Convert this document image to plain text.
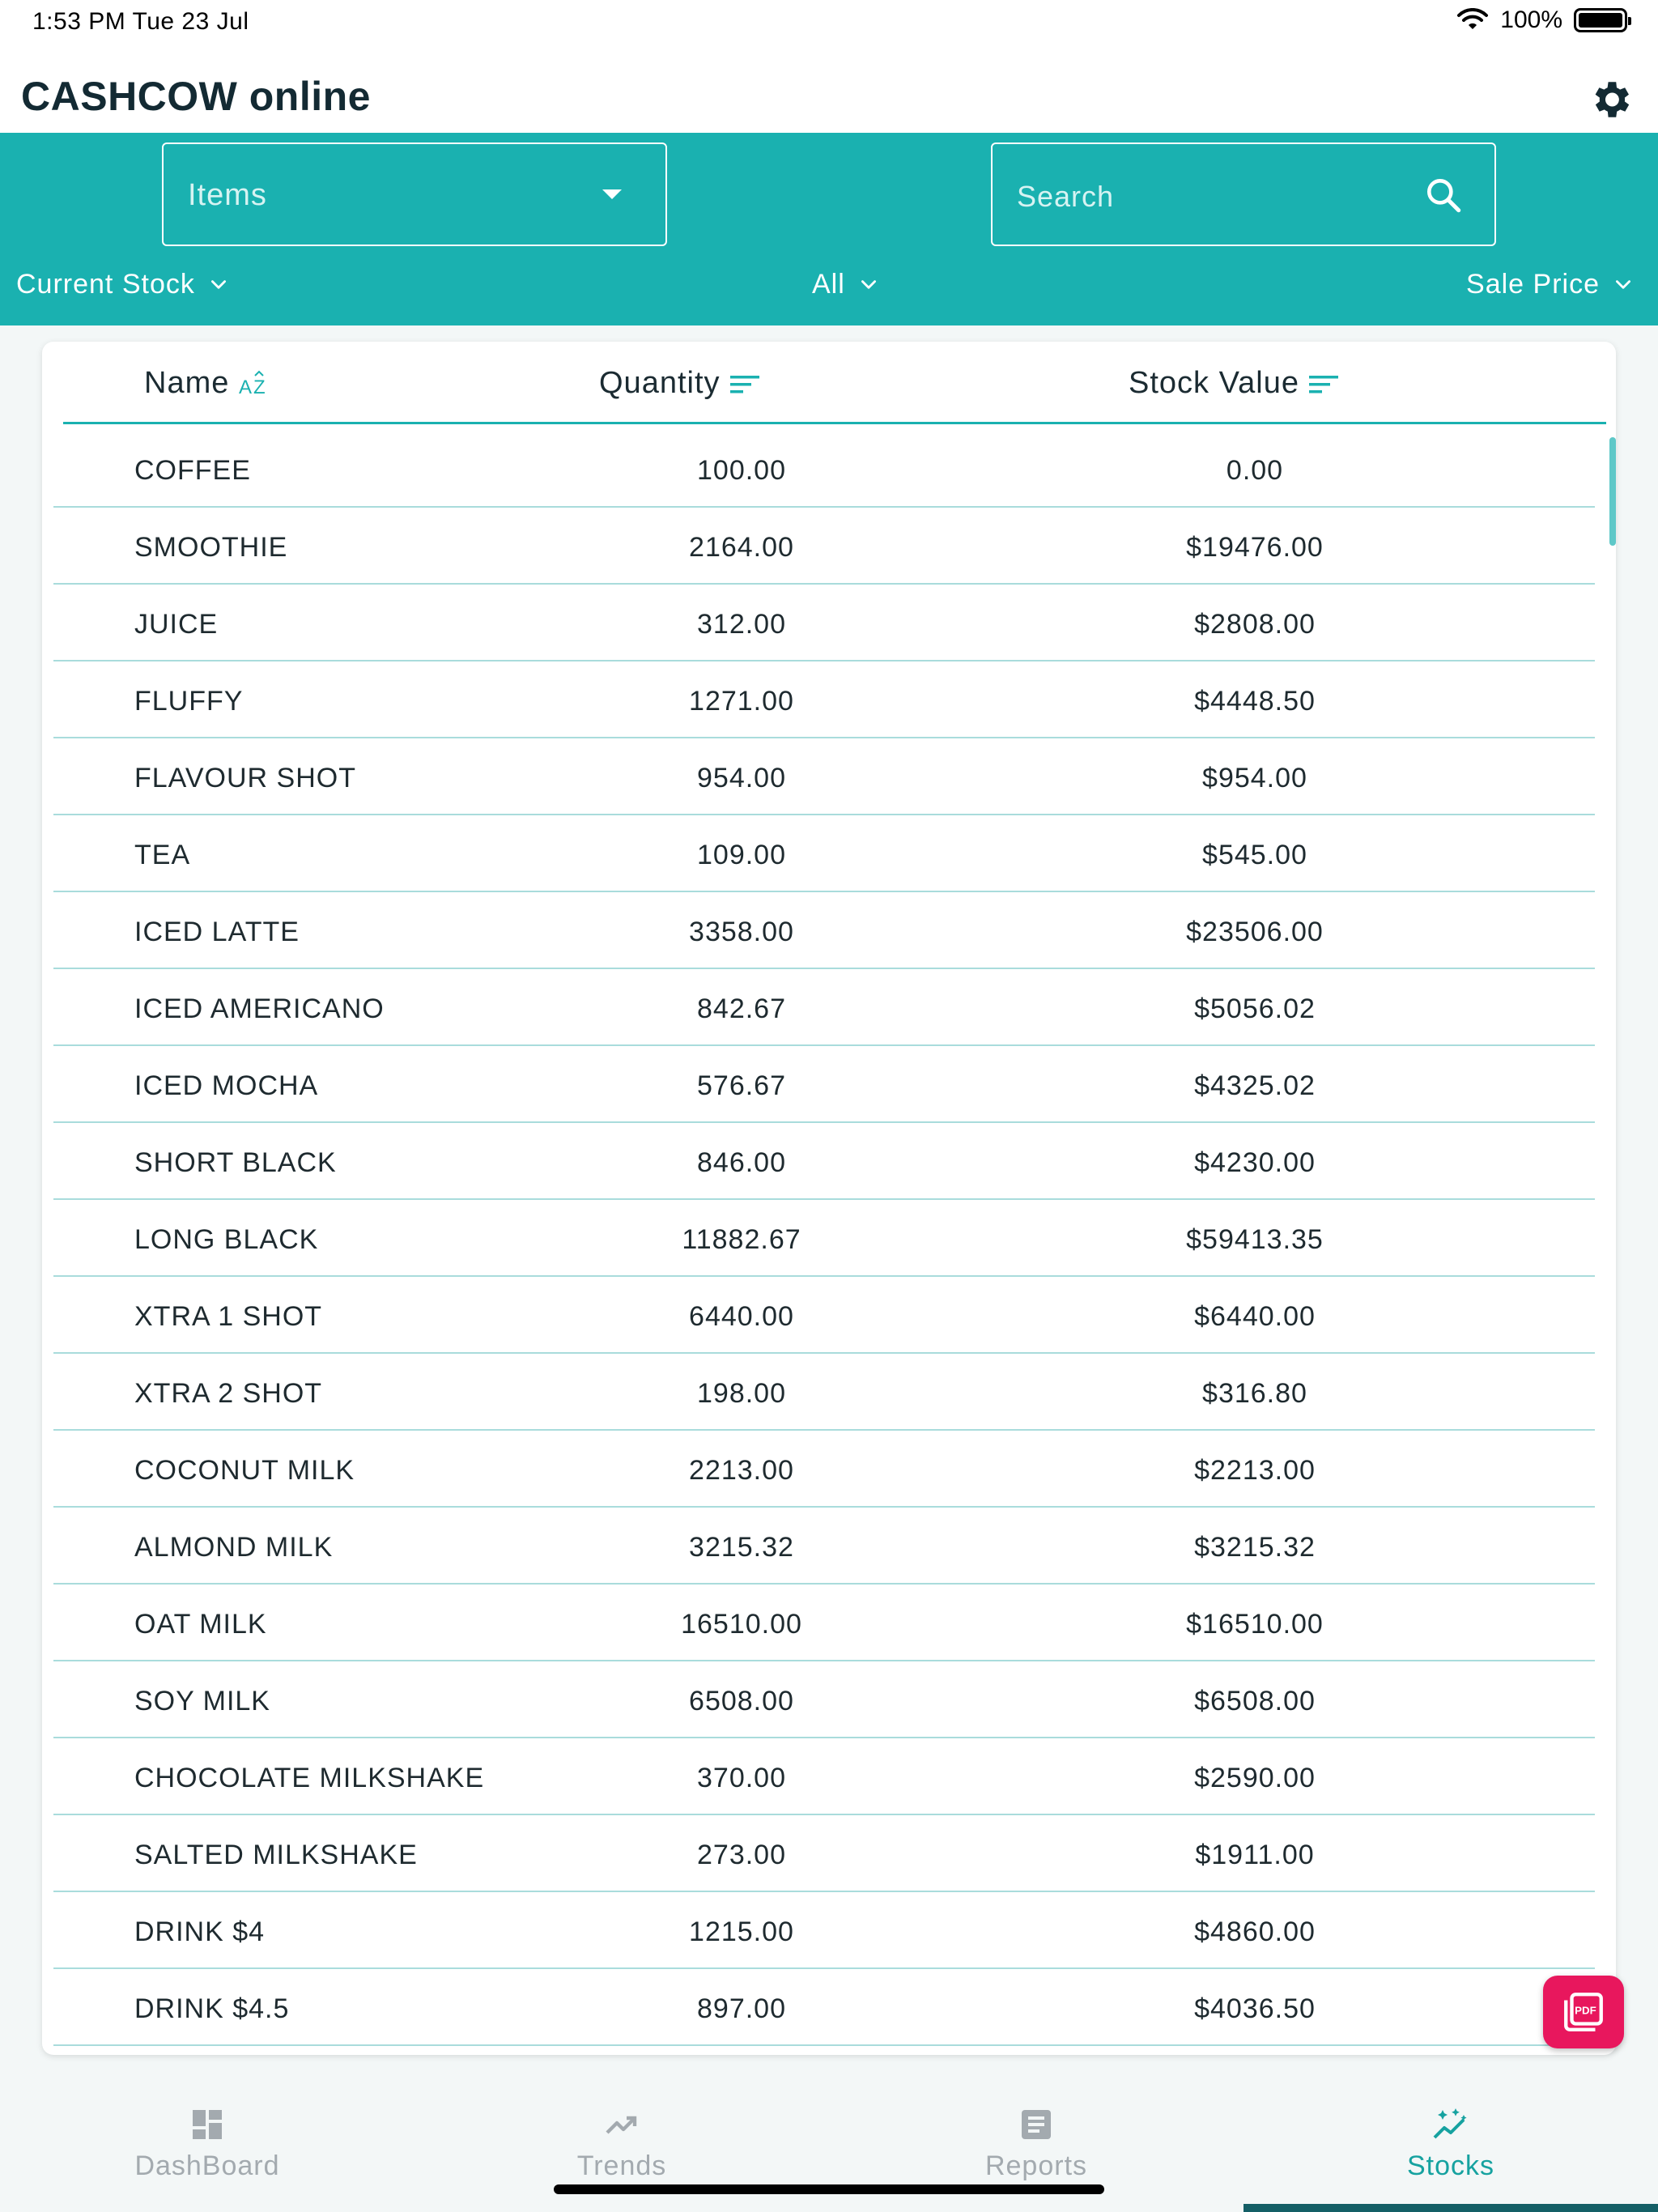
1:53 PM Tue 23 Jul	100%
CASHCOW online
Items	Search
Current Stock	All	Sale Price
Name A Z	Quantity	Stock Value
COFFEE	100.00	0.00
SMOOTHIE	2164.00	$19476.00
JUICE	312.00	$2808.00
FLUFFY	1271.00	$4448.50
FLAVOUR SHOT	954.00	$954.00
TEA	109.00	$545.00
ICED LATTE	3358.00	$23506.00
ICED AMERICANO	842.67	$5056.02
ICED MOCHA	576.67	$4325.02
SHORT BLACK	846.00	$4230.00
LONG BLACK	11882.67	$59413.35
XTRA 1 SHOT	6440.00	$6440.00
XTRA 2 SHOT	198.00	$316.80
COCONUT MILK	2213.00	$2213.00
ALMOND MILK	3215.32	$3215.32
OAT MILK	16510.00	$16510.00
SOY MILK	6508.00	$6508.00
CHOCOLATE MILKSHAKE	370.00	$2590.00
SALTED MILKSHAKE	273.00	$1911.00
DRINK $4	1215.00	$4860.00
DRINK $4.5	897.00	$4036.50	PDF
DashBoard	Trends	Reports	Stocks
